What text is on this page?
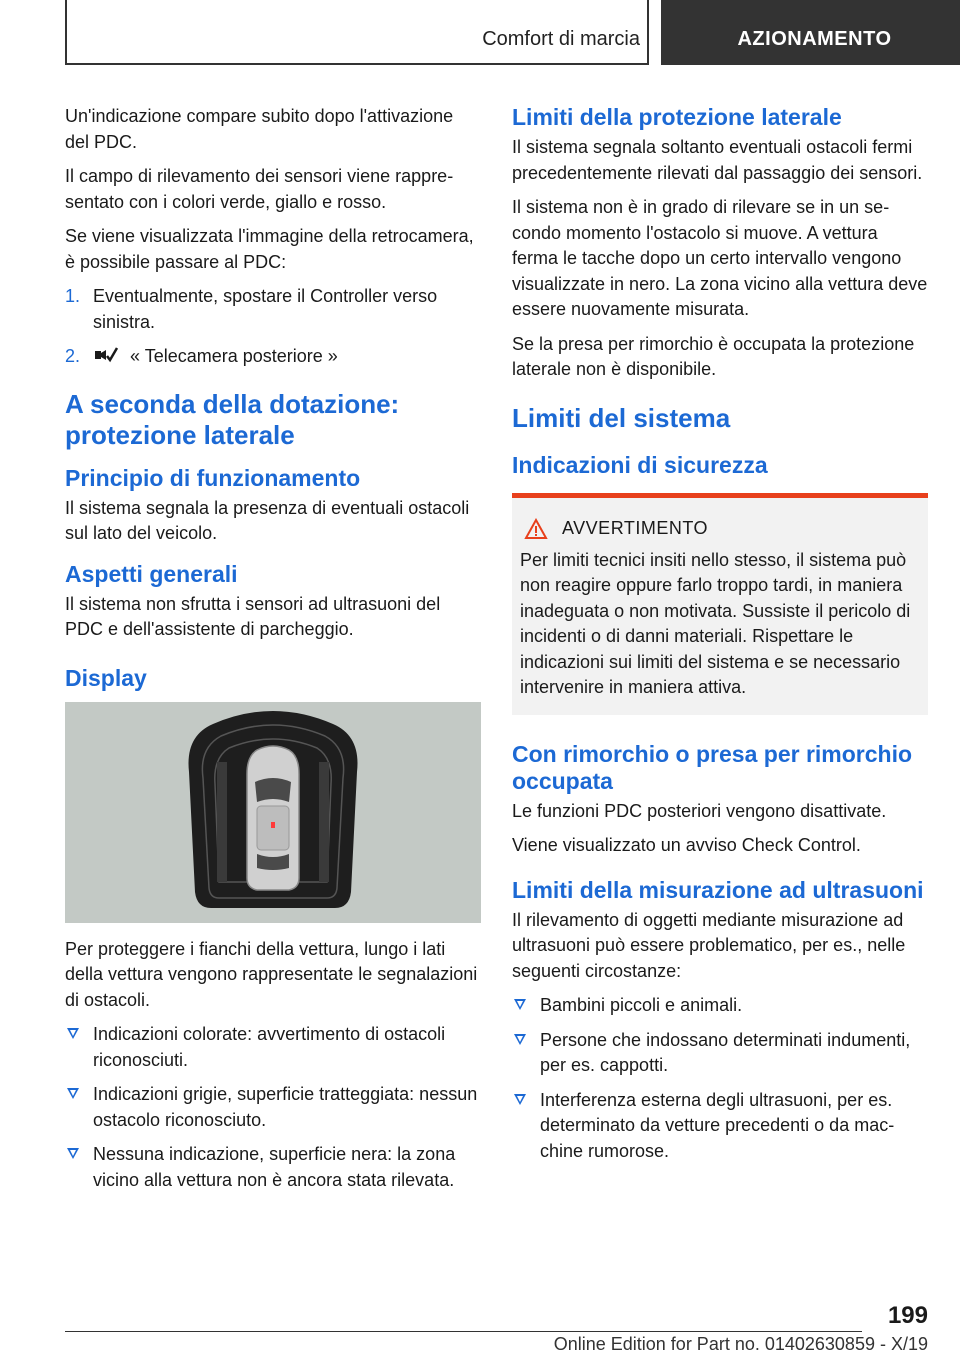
Comfort di marcia	AZIONAMENTO

Un'indicazione compare subito dopo l'attivazione del PDC.

Il campo di rilevamento dei sensori viene rappresentato con i colori verde, giallo e rosso.

Se viene visualizzata l'immagine della retrocamera, è possibile passare al PDC:

1. Eventualmente, spostare il Controller verso sinistra.
2.	« Telecamera posteriore »
A seconda della dotazione: protezione laterale
Principio di funzionamento

Il sistema segnala la presenza di eventuali ostacoli sul lato del veicolo.

Aspetti generali

Il sistema non sfrutta i sensori ad ultrasuoni del PDC e dell'assistente di parcheggio.

Display

Per proteggere i fianchi della vettura, lungo i lati della vettura vengono rappresentate le segnalazioni di ostacoli.

Indicazioni colorate: avvertimento di ostacoli riconosciuti.
Indicazioni grigie, superficie tratteggiata: nessun ostacolo riconosciuto.
Nessuna indicazione, superficie nera: la zona vicino alla vettura non è ancora stata rilevata.
Limiti della protezione laterale

Il sistema segnala soltanto eventuali ostacoli fermi precedentemente rilevati dal passaggio dei sensori.

Il sistema non è in grado di rilevare se in un secondo momento l'ostacolo si muove. A vettura ferma le tacche dopo un certo intervallo vengono visualizzate in nero. La zona vicino alla vettura deve essere nuovamente misurata.

Se la presa per rimorchio è occupata la protezione laterale non è disponibile.

Limiti del sistema
Indicazioni di sicurezza
AVVERTIMENTO

Per limiti tecnici insiti nello stesso, il sistema può non reagire oppure farlo troppo tardi, in maniera inadeguata o non motivata. Sussiste il pericolo di incidenti o di danni materiali. Rispettare le indicazioni sui limiti del sistema e se necessario intervenire in maniera attiva.

Con rimorchio o presa per rimorchio occupata

Le funzioni PDC posteriori vengono disattivate.

Viene visualizzato un avviso Check Control.

Limiti della misurazione ad ultrasuoni

Il rilevamento di oggetti mediante misurazione ad ultrasuoni può essere problematico, per es., nelle seguenti circostanze:

Bambini piccoli e animali.
Persone che indossano determinati indumenti, per es. cappotti.
Interferenza esterna degli ultrasuoni, per es. determinato da vetture precedenti o da macchine rumorose.
199
Online Edition for Part no. 01402630859 - X/19
